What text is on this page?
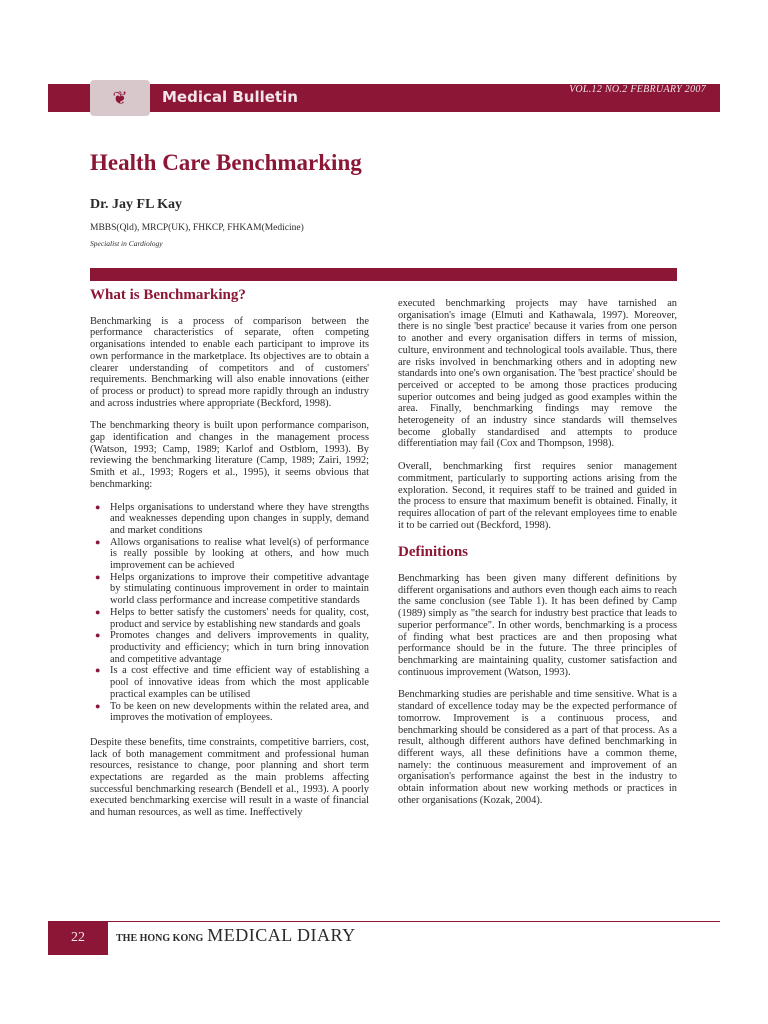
❦ Medical Bulletin	VOL.12 NO.2 FEBRUARY 2007
Health Care Benchmarking
Dr. Jay FL Kay
MBBS(Qld), MRCP(UK), FHKCP, FHKAM(Medicine)
Specialist in Cardiology
What is Benchmarking?

Benchmarking is a process of comparison between the performance characteristics of separate, often competing organisations intended to enable each participant to improve its own performance in the marketplace. Its objectives are to obtain a clearer understanding of competitors and of customers' requirements. Benchmarking will also enable innovations (either of process or product) to spread more rapidly through an industry and across industries where appropriate (Beckford, 1998).

The benchmarking theory is built upon performance comparison, gap identification and changes in the management process (Watson, 1993; Camp, 1989; Karlof and Ostblom, 1993). By reviewing the benchmarking literature (Camp, 1989; Zairi, 1992; Smith et al., 1993; Rogers et al., 1995), it seems obvious that benchmarking:

● Helps organisations to understand where they have strengths and weaknesses depending upon changes in supply, demand and market conditions
● Allows organisations to realise what level(s) of performance is really possible by looking at others, and how much improvement can be achieved
● Helps organizations to improve their competitive advantage by stimulating continuous improvement in order to maintain world class performance and increase competitive standards
● Helps to better satisfy the customers' needs for quality, cost, product and service by establishing new standards and goals
● Promotes changes and delivers improvements in quality, productivity and efficiency; which in turn bring innovation and competitive advantage
● Is a cost effective and time efficient way of establishing a pool of innovative ideas from which the most applicable practical examples can be utilised
● To be keen on new developments within the related area, and improves the motivation of employees.

Despite these benefits, time constraints, competitive barriers, cost, lack of both management commitment and professional human resources, resistance to change, poor planning and short term expectations are regarded as the main problems affecting successful benchmarking research (Bendell et al., 1993). A poorly executed benchmarking exercise will result in a waste of financial and human resources, as well as time. Ineffectively

executed benchmarking projects may have tarnished an organisation's image (Elmuti and Kathawala, 1997). Moreover, there is no single 'best practice' because it varies from one person to another and every organisation differs in terms of mission, culture, environment and technological tools available. Thus, there are risks involved in benchmarking others and in adopting new standards into one's own organisation. The 'best practice' should be perceived or accepted to be among those practices producing superior outcomes and being judged as good examples within the area. Finally, benchmarking findings may remove the heterogeneity of an industry since standards will themselves become globally standardised and attempts to produce differentiation may fail (Cox and Thompson, 1998).

Overall, benchmarking first requires senior management commitment, particularly to supporting actions arising from the exploration. Second, it requires staff to be trained and guided in the process to ensure that maximum benefit is obtained. Finally, it requires allocation of part of the relevant employees time to enable it to be carried out (Beckford, 1998).

Definitions

Benchmarking has been given many different definitions by different organisations and authors even though each aims to reach the same conclusion (see Table 1). It has been defined by Camp (1989) simply as "the search for industry best practice that leads to superior performance". In other words, benchmarking is a process of finding what best practices are and then proposing what performance should be in the future. The three principles of benchmarking are maintaining quality, customer satisfaction and continuous improvement (Watson, 1993).

Benchmarking studies are perishable and time sensitive. What is a standard of excellence today may be the expected performance of tomorrow. Improvement is a continuous process, and benchmarking should be considered as a part of that process. As a result, although different authors have defined benchmarking in different ways, all these definitions have a common theme, namely: the continuous measurement and improvement of an organisation's performance against the best in the industry to obtain information about new working methods or practices in other organisations (Kozak, 2004).

22	THE HONG KONG MEDICAL DIARY
